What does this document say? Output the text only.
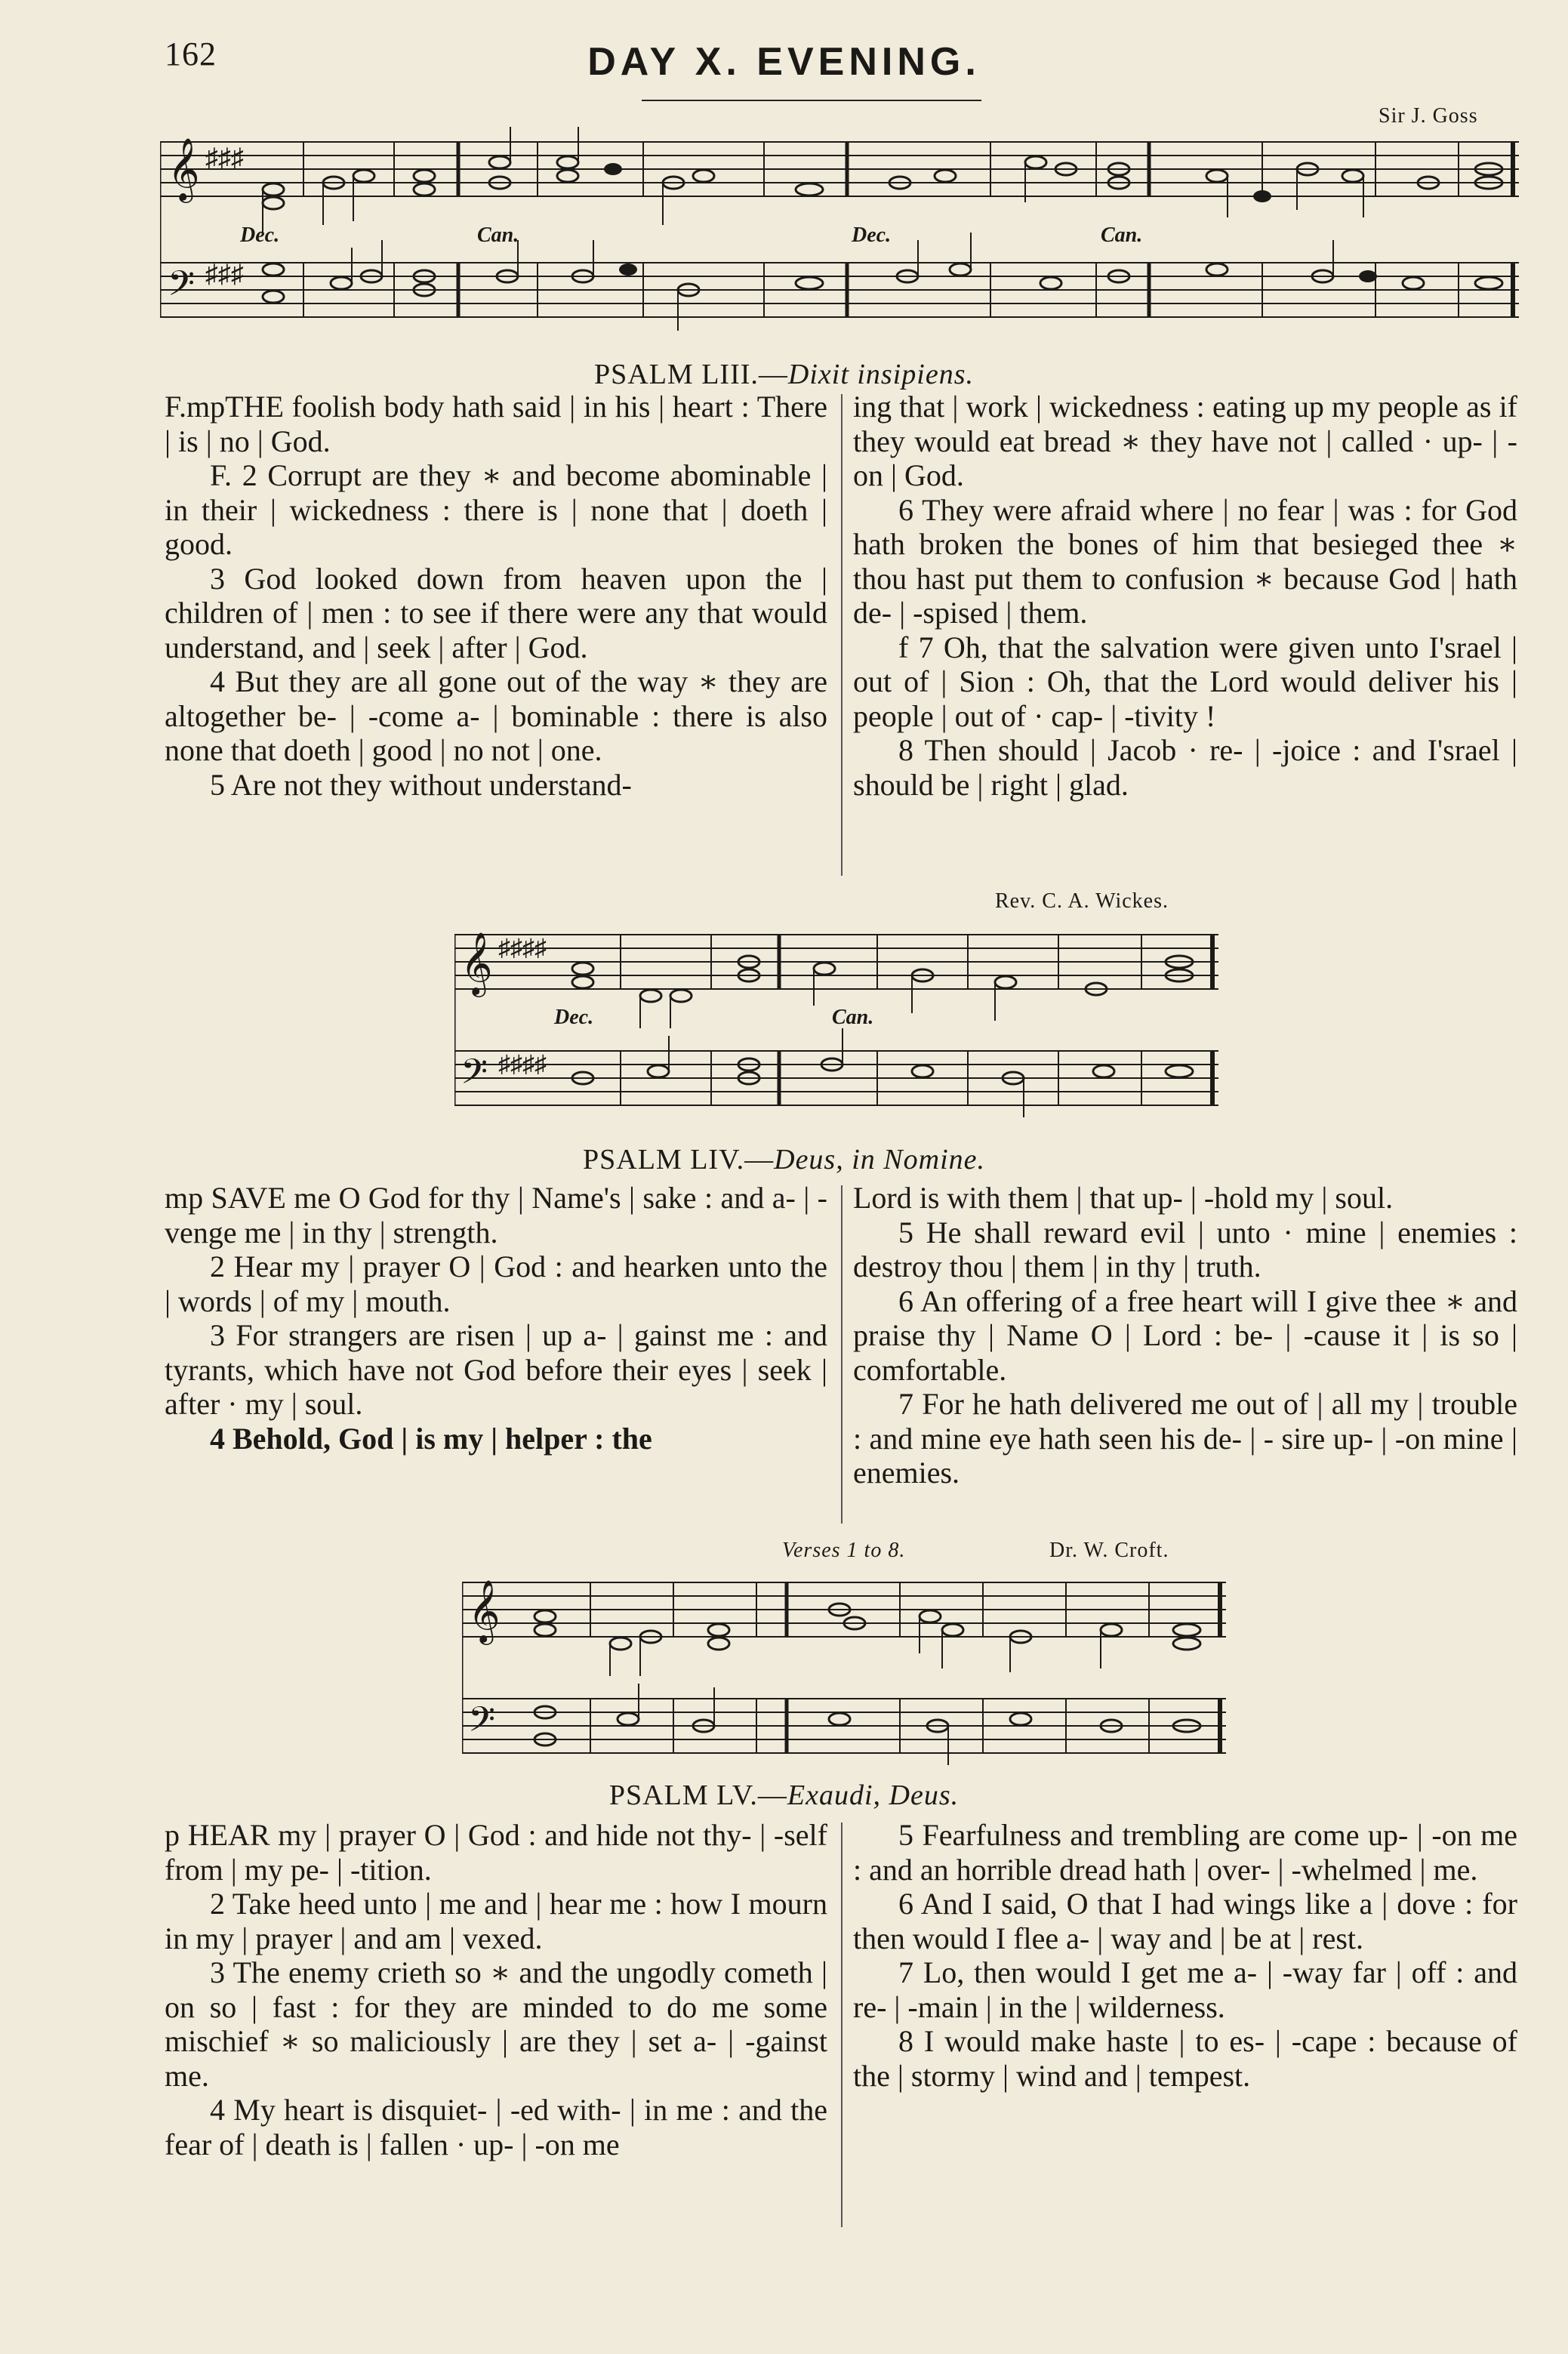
162	DAY X. EVENING.
Sir J. Goss
𝄞
𝄢
♯♯♯
♯♯♯
Dec.	Can.	Dec.	Can.
PSALM LIII.—Dixit insipiens.

F.mpTHE foolish body hath said | in his | heart : There | is | no | God.

F. 2 Corrupt are they ∗ and become abominable | in their | wickedness : there is | none that | doeth | good.

3 God looked down from heaven upon the | children of | men : to see if there were any that would understand, and | seek | after | God.

4 But they are all gone out of the way ∗ they are altogether be- | -come a- | bominable : there is also none that doeth | good | no not | one.

5 Are not they without understand-

ing that | work | wickedness : eating up my people as if they would eat bread ∗ they have not | called · up- | -on | God.

6 They were afraid where | no fear | was : for God hath broken the bones of him that besieged thee ∗ thou hast put them to confusion ∗ because God | hath de- | -spised | them.

f 7 Oh, that the salvation were given unto I'srael | out of | Sion : Oh, that the Lord would deliver his | people | out of · cap- | -tivity !

8 Then should | Jacob · re- | -joice : and I'srael | should be | right | glad.

Rev. C. A. Wickes.
𝄞
𝄢
♯♯♯♯
♯♯♯♯
Dec.	Can.
PSALM LIV.—Deus, in Nomine.

mp SAVE me O God for thy | Name's | sake : and a- | -venge me | in thy | strength.

2 Hear my | prayer O | God : and hearken unto the | words | of my | mouth.

3 For strangers are risen | up a- | gainst me : and tyrants, which have not God before their eyes | seek | after · my | soul.

4 Behold, God | is my | helper : the

Lord is with them | that up- | -hold my | soul.

5 He shall reward evil | unto · mine | enemies : destroy thou | them | in thy | truth.

6 An offering of a free heart will I give thee ∗ and praise thy | Name O | Lord : be- | -cause it | is so | comfortable.

7 For he hath delivered me out of | all my | trouble : and mine eye hath seen his de- | - sire up- | -on mine | enemies.

Verses 1 to 8.	Dr. W. Croft.
𝄞
𝄢
PSALM LV.—Exaudi, Deus.

p HEAR my | prayer O | God : and hide not thy- | -self from | my pe- | -tition.

2 Take heed unto | me and | hear me : how I mourn in my | prayer | and am | vexed.

3 The enemy crieth so ∗ and the ungodly cometh | on so | fast : for they are minded to do me some mischief ∗ so maliciously | are they | set a- | -gainst me.

4 My heart is disquiet- | -ed with- | in me : and the fear of | death is | fallen · up- | -on me

5 Fearfulness and trembling are come up- | -on me : and an horrible dread hath | over- | -whelmed | me.

6 And I said, O that I had wings like a | dove : for then would I flee a- | way and | be at | rest.

7 Lo, then would I get me a- | -way far | off : and re- | -main | in the | wilderness.

8 I would make haste | to es- | -cape : because of the | stormy | wind and | tempest.
